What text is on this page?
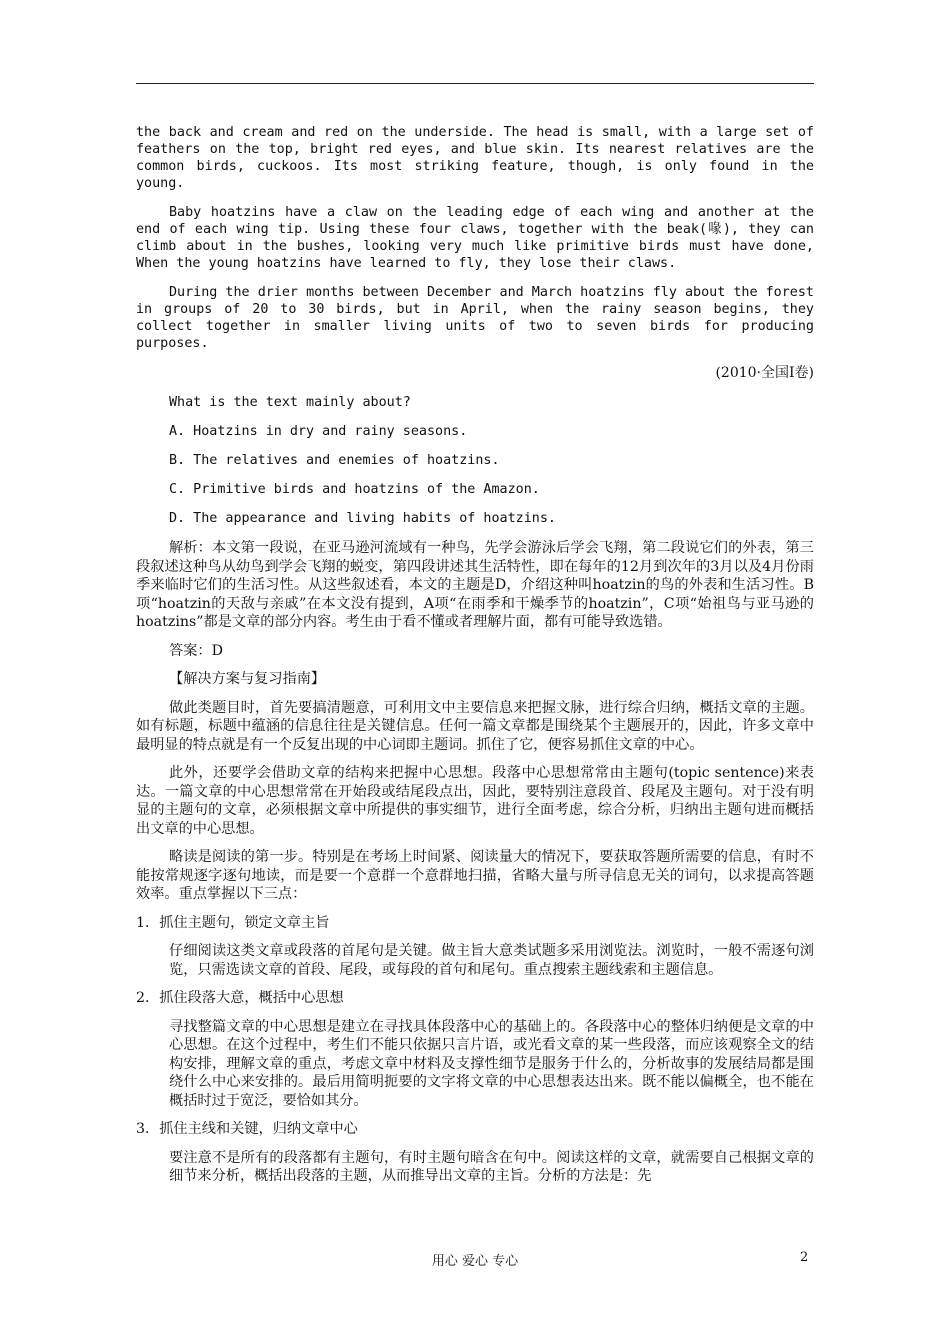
the back and cream and red on the underside. The head is small, with a large set of feathers on the top, bright red eyes, and blue skin. Its nearest relatives are the common birds, cuckoos. Its most striking feature, though, is only found in the young.

Baby hoatzins have a claw on the leading edge of each wing and another at the end of each wing tip. Using these four claws, together with the beak(喙), they can climb about in the bushes, looking very much like primitive birds must have done, When the young hoatzins have learned to fly, they lose their claws.

During the drier months between December and March hoatzins fly about the forest in groups of 20 to 30 birds, but in April, when the rainy season begins, they collect together in smaller living units of two to seven birds for producing purposes.

(2010·全国Ⅰ卷)

What is the text mainly about?

A. Hoatzins in dry and rainy seasons.

B. The relatives and enemies of hoatzins.

C. Primitive birds and hoatzins of the Amazon.

D. The appearance and living habits of hoatzins.

解析：本文第一段说，在亚马逊河流域有一种鸟，先学会游泳后学会飞翔，第二段说它们的外表，第三段叙述这种鸟从幼鸟到学会飞翔的蜕变，第四段讲述其生活特性，即在每年的12月到次年的3月以及4月份雨季来临时它们的生活习性。从这些叙述看，本文的主题是D，介绍这种叫hoatzin的鸟的外表和生活习性。B项“hoatzin的天敌与亲戚”在本文没有提到，A项“在雨季和干燥季节的hoatzin”，C项“始祖鸟与亚马逊的hoatzins”都是文章的部分内容。考生由于看不懂或者理解片面，都有可能导致选错。

答案：D

【解决方案与复习指南】

做此类题目时，首先要搞清题意，可利用文中主要信息来把握文脉，进行综合归纳，概括文章的主题。如有标题，标题中蕴涵的信息往往是关键信息。任何一篇文章都是围绕某个主题展开的，因此，许多文章中最明显的特点就是有一个反复出现的中心词即主题词。抓住了它，便容易抓住文章的中心。

此外，还要学会借助文章的结构来把握中心思想。段落中心思想常常由主题句(topic sentence)来表达。一篇文章的中心思想常常在开始段或结尾段点出，因此，要特别注意段首、段尾及主题句。对于没有明显的主题句的文章，必须根据文章中所提供的事实细节，进行全面考虑，综合分析，归纳出主题句进而概括出文章的中心思想。

略读是阅读的第一步。特别是在考场上时间紧、阅读量大的情况下，要获取答题所需要的信息，有时不能按常规逐字逐句地读，而是要一个意群一个意群地扫描，省略大量与所寻信息无关的词句，以求提高答题效率。重点掌握以下三点：

1．抓住主题句，锁定文章主旨

仔细阅读这类文章或段落的首尾句是关键。做主旨大意类试题多采用浏览法。浏览时，一般不需逐句浏览，只需选读文章的首段、尾段，或每段的首句和尾句。重点搜索主题线索和主题信息。

2．抓住段落大意，概括中心思想

寻找整篇文章的中心思想是建立在寻找具体段落中心的基础上的。各段落中心的整体归纳便是文章的中心思想。在这个过程中，考生们不能只依据只言片语，或光看文章的某一些段落，而应该观察全文的结构安排，理解文章的重点，考虑文章中材料及支撑性细节是服务于什么的，分析故事的发展结局都是围绕什么中心来安排的。最后用简明扼要的文字将文章的中心思想表达出来。既不能以偏概全，也不能在概括时过于宽泛，要恰如其分。

3．抓住主线和关键，归纳文章中心

要注意不是所有的段落都有主题句，有时主题句暗含在句中。阅读这样的文章，就需要自己根据文章的细节来分析，概括出段落的主题，从而推导出文章的主旨。分析的方法是：先

用心 爱心 专心	2
